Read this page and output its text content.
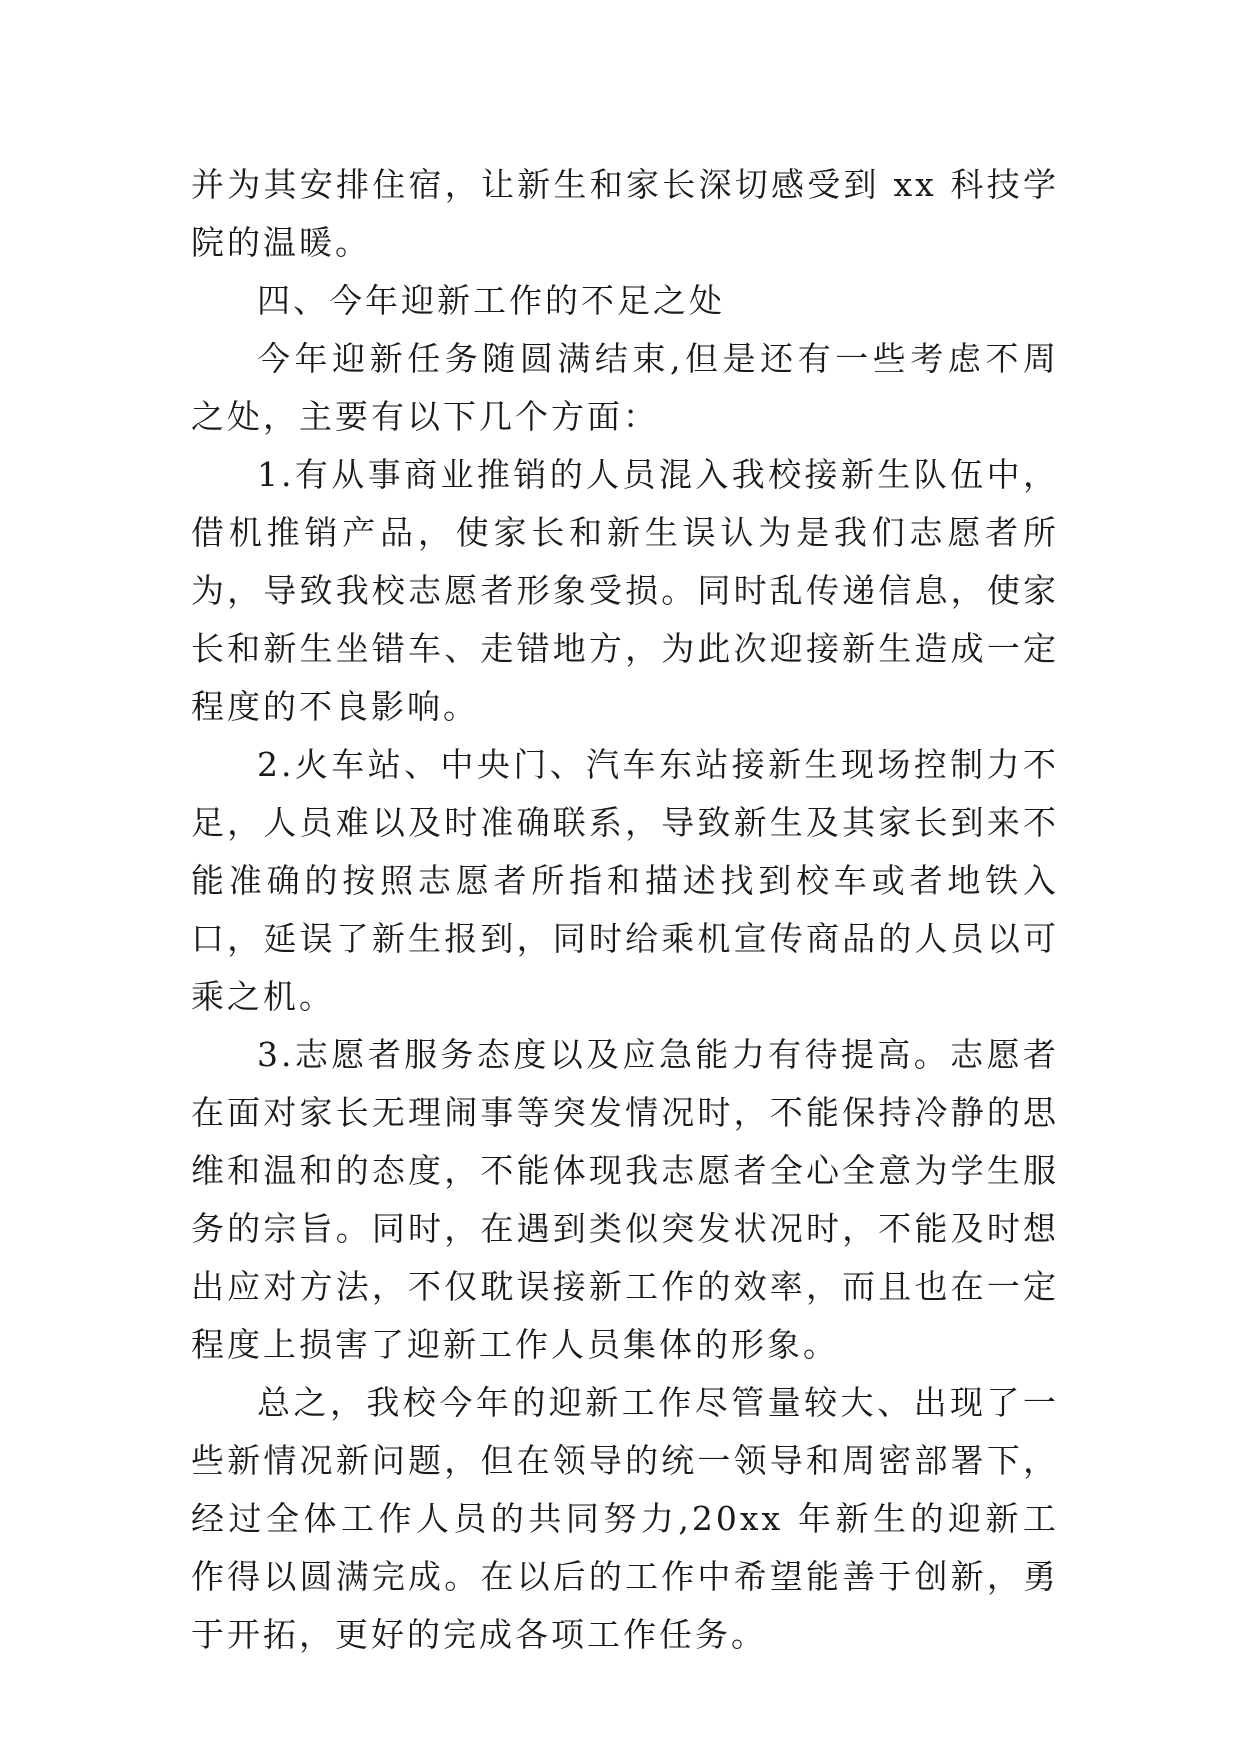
并为其安排住宿，让新生和家长深切感受到 xx 科技学院的温暖。

四、今年迎新工作的不足之处

今年迎新任务随圆满结束,但是还有一些考虑不周之处，主要有以下几个方面：

1.有从事商业推销的人员混入我校接新生队伍中，借机推销产品，使家长和新生误认为是我们志愿者所为，导致我校志愿者形象受损。同时乱传递信息，使家长和新生坐错车、走错地方，为此次迎接新生造成一定程度的不良影响。

2.火车站、中央门、汽车东站接新生现场控制力不足，人员难以及时准确联系，导致新生及其家长到来不能准确的按照志愿者所指和描述找到校车或者地铁入口，延误了新生报到，同时给乘机宣传商品的人员以可乘之机。

3.志愿者服务态度以及应急能力有待提高。志愿者在面对家长无理闹事等突发情况时，不能保持冷静的思维和温和的态度，不能体现我志愿者全心全意为学生服务的宗旨。同时，在遇到类似突发状况时，不能及时想出应对方法，不仅耽误接新工作的效率，而且也在一定程度上损害了迎新工作人员集体的形象。

总之，我校今年的迎新工作尽管量较大、出现了一些新情况新问题，但在领导的统一领导和周密部署下，经过全体工作人员的共同努力,20xx 年新生的迎新工作得以圆满完成。在以后的工作中希望能善于创新，勇于开拓，更好的完成各项工作任务。
